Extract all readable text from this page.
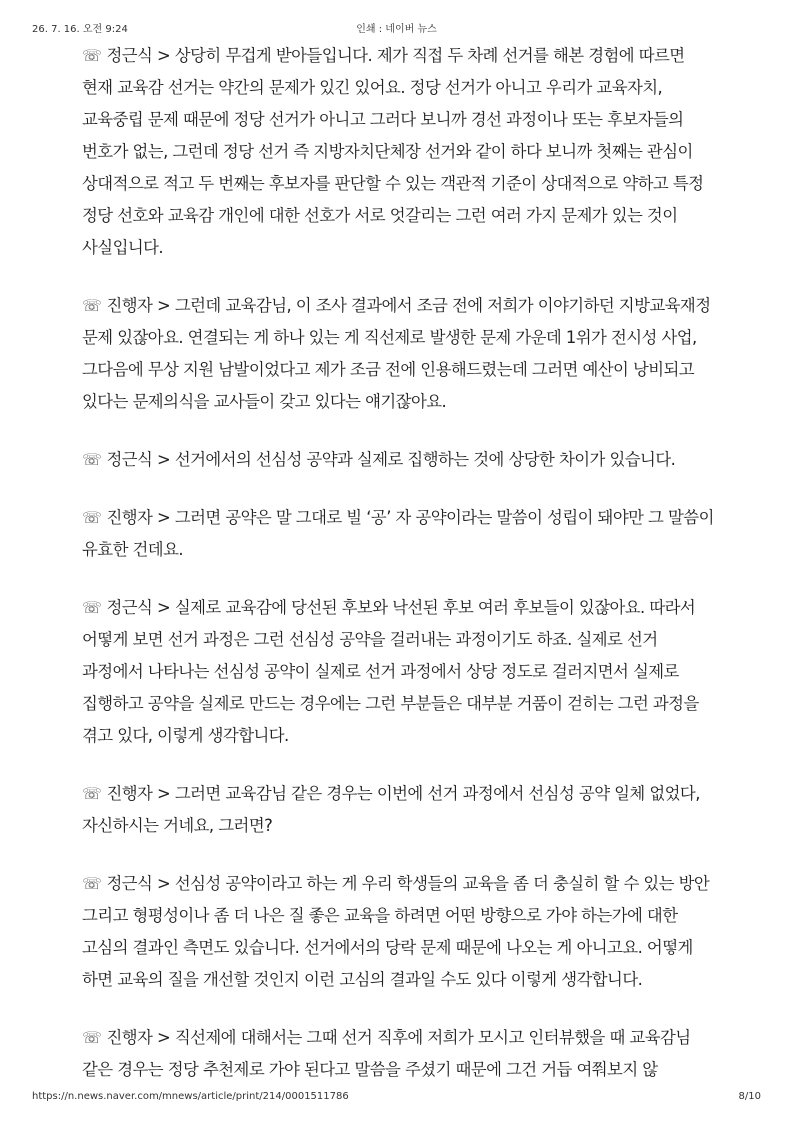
26. 7. 16. 오전 9:24	인쇄 : 네이버 뉴스

☏ 정근식 > 상당히 무겁게 받아들입니다. 제가 직접 두 차례 선거를 해본 경험에 따르면 현재 교육감 선거는 약간의 문제가 있긴 있어요. 정당 선거가 아니고 우리가 교육자치, 교육중립 문제 때문에 정당 선거가 아니고 그러다 보니까 경선 과정이나 또는 후보자들의 번호가 없는, 그런데 정당 선거 즉 지방자치단체장 선거와 같이 하다 보니까 첫째는 관심이 상대적으로 적고 두 번째는 후보자를 판단할 수 있는 객관적 기준이 상대적으로 약하고 특정 정당 선호와 교육감 개인에 대한 선호가 서로 엇갈리는 그런 여러 가지 문제가 있는 것이 사실입니다.

☏ 진행자 > 그런데 교육감님, 이 조사 결과에서 조금 전에 저희가 이야기하던 지방교육재정 문제 있잖아요. 연결되는 게 하나 있는 게 직선제로 발생한 문제 가운데 1위가 전시성 사업, 그다음에 무상 지원 남발이었다고 제가 조금 전에 인용해드렸는데 그러면 예산이 낭비되고 있다는 문제의식을 교사들이 갖고 있다는 얘기잖아요.

☏ 정근식 > 선거에서의 선심성 공약과 실제로 집행하는 것에 상당한 차이가 있습니다.

☏ 진행자 > 그러면 공약은 말 그대로 빌 ‘공’ 자 공약이라는 말씀이 성립이 돼야만 그 말씀이 유효한 건데요.

☏ 정근식 > 실제로 교육감에 당선된 후보와 낙선된 후보 여러 후보들이 있잖아요. 따라서 어떻게 보면 선거 과정은 그런 선심성 공약을 걸러내는 과정이기도 하죠. 실제로 선거 과정에서 나타나는 선심성 공약이 실제로 선거 과정에서 상당 정도로 걸러지면서 실제로 집행하고 공약을 실제로 만드는 경우에는 그런 부분들은 대부분 거품이 걷히는 그런 과정을 겪고 있다, 이렇게 생각합니다.

☏ 진행자 > 그러면 교육감님 같은 경우는 이번에 선거 과정에서 선심성 공약 일체 없었다, 자신하시는 거네요, 그러면?

☏ 정근식 > 선심성 공약이라고 하는 게 우리 학생들의 교육을 좀 더 충실히 할 수 있는 방안 그리고 형평성이나 좀 더 나은 질 좋은 교육을 하려면 어떤 방향으로 가야 하는가에 대한 고심의 결과인 측면도 있습니다. 선거에서의 당락 문제 때문에 나오는 게 아니고요. 어떻게 하면 교육의 질을 개선할 것인지 이런 고심의 결과일 수도 있다 이렇게 생각합니다.

☏ 진행자 > 직선제에 대해서는 그때 선거 직후에 저희가 모시고 인터뷰했을 때 교육감님 같은 경우는 정당 추천제로 가야 된다고 말씀을 주셨기 때문에 그건 거듭 여쭤보지 않

https://n.news.naver.com/mnews/article/print/214/0001511786	8/10
